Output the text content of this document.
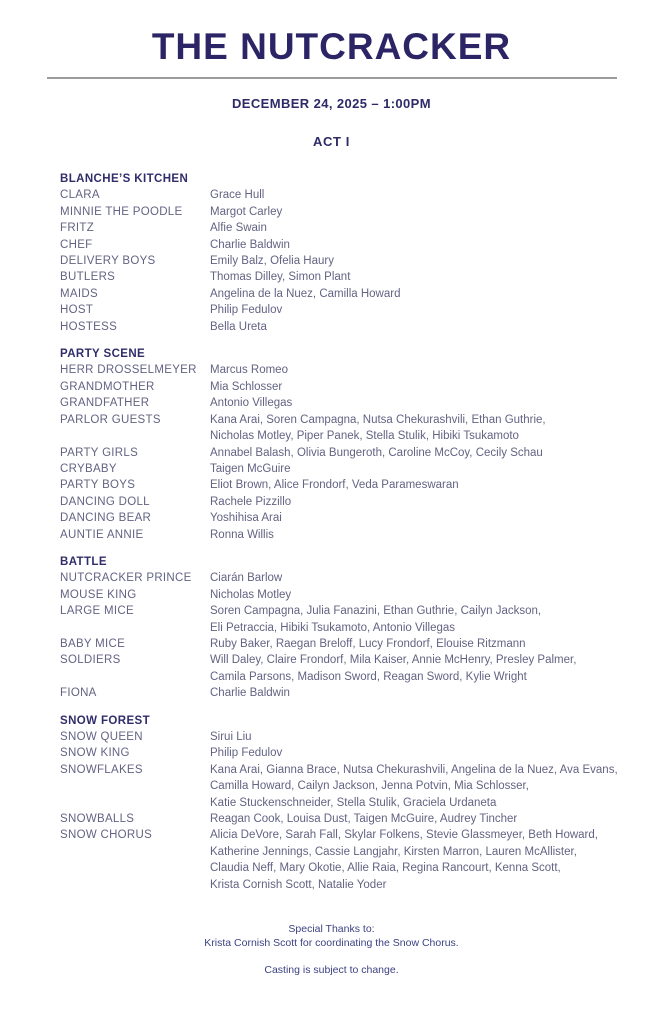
THE NUTCRACKER
DECEMBER 24, 2025 – 1:00PM
ACT I
BLANCHE’S KITCHEN
CLARA	Grace Hull
MINNIE THE POODLE	Margot Carley
FRITZ	Alfie Swain
CHEF	Charlie Baldwin
DELIVERY BOYS	Emily Balz, Ofelia Haury
BUTLERS	Thomas Dilley, Simon Plant
MAIDS	Angelina de la Nuez, Camilla Howard
HOST	Philip Fedulov
HOSTESS	Bella Ureta
PARTY SCENE
HERR DROSSELMEYER	Marcus Romeo
GRANDMOTHER	Mia Schlosser
GRANDFATHER	Antonio Villegas
PARLOR GUESTS	Kana Arai, Soren Campagna, Nutsa Chekurashvili, Ethan Guthrie,
Nicholas Motley, Piper Panek, Stella Stulik, Hibiki Tsukamoto
PARTY GIRLS	Annabel Balash, Olivia Bungeroth, Caroline McCoy, Cecily Schau
CRYBABY	Taigen McGuire
PARTY BOYS	Eliot Brown, Alice Frondorf, Veda Parameswaran
DANCING DOLL	Rachele Pizzillo
DANCING BEAR	Yoshihisa Arai
AUNTIE ANNIE	Ronna Willis
BATTLE
NUTCRACKER PRINCE	Ciarán Barlow
MOUSE KING	Nicholas Motley
LARGE MICE	Soren Campagna, Julia Fanazini, Ethan Guthrie, Cailyn Jackson,
Eli Petraccia, Hibiki Tsukamoto, Antonio Villegas
BABY MICE	Ruby Baker, Raegan Breloff, Lucy Frondorf, Elouise Ritzmann
SOLDIERS	Will Daley, Claire Frondorf, Mila Kaiser, Annie McHenry, Presley Palmer,
Camila Parsons, Madison Sword, Reagan Sword, Kylie Wright
FIONA	Charlie Baldwin
SNOW FOREST
SNOW QUEEN	Sirui Liu
SNOW KING	Philip Fedulov
SNOWFLAKES	Kana Arai, Gianna Brace, Nutsa Chekurashvili, Angelina de la Nuez, Ava Evans,
Camilla Howard, Cailyn Jackson, Jenna Potvin, Mia Schlosser,
Katie Stuckenschneider, Stella Stulik, Graciela Urdaneta
SNOWBALLS	Reagan Cook, Louisa Dust, Taigen McGuire, Audrey Tincher
SNOW CHORUS	Alicia DeVore, Sarah Fall, Skylar Folkens, Stevie Glassmeyer, Beth Howard,
Katherine Jennings, Cassie Langjahr, Kirsten Marron, Lauren McAllister,
Claudia Neff, Mary Okotie, Allie Raia, Regina Rancourt, Kenna Scott,
Krista Cornish Scott, Natalie Yoder
Special Thanks to:
Krista Cornish Scott for coordinating the Snow Chorus.
Casting is subject to change.
